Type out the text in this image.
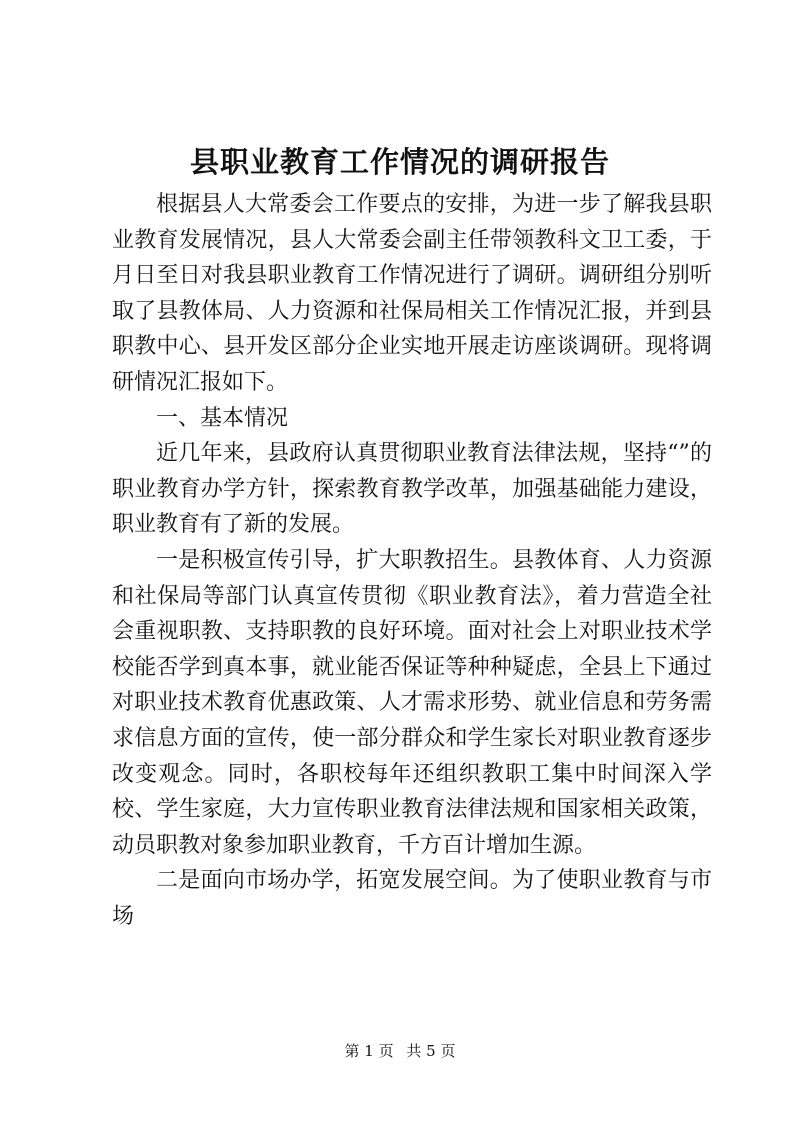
县职业教育工作情况的调研报告

根据县人大常委会工作要点的安排，为进一步了解我县职业教育发展情况，县人大常委会副主任带领教科文卫工委，于月日至日对我县职业教育工作情况进行了调研。调研组分别听取了县教体局、人力资源和社保局相关工作情况汇报，并到县职教中心、县开发区部分企业实地开展走访座谈调研。现将调研情况汇报如下。

一、基本情况

近几年来，县政府认真贯彻职业教育法律法规，坚持“”的职业教育办学方针，探索教育教学改革，加强基础能力建设，职业教育有了新的发展。

一是积极宣传引导，扩大职教招生。县教体育、人力资源和社保局等部门认真宣传贯彻《职业教育法》，着力营造全社会重视职教、支持职教的良好环境。面对社会上对职业技术学校能否学到真本事，就业能否保证等种种疑虑，全县上下通过对职业技术教育优惠政策、人才需求形势、就业信息和劳务需求信息方面的宣传，使一部分群众和学生家长对职业教育逐步改变观念。同时，各职校每年还组织教职工集中时间深入学校、学生家庭，大力宣传职业教育法律法规和国家相关政策，动员职教对象参加职业教育，千方百计增加生源。

二是面向市场办学，拓宽发展空间。为了使职业教育与市场

第 1 页 共 5 页
